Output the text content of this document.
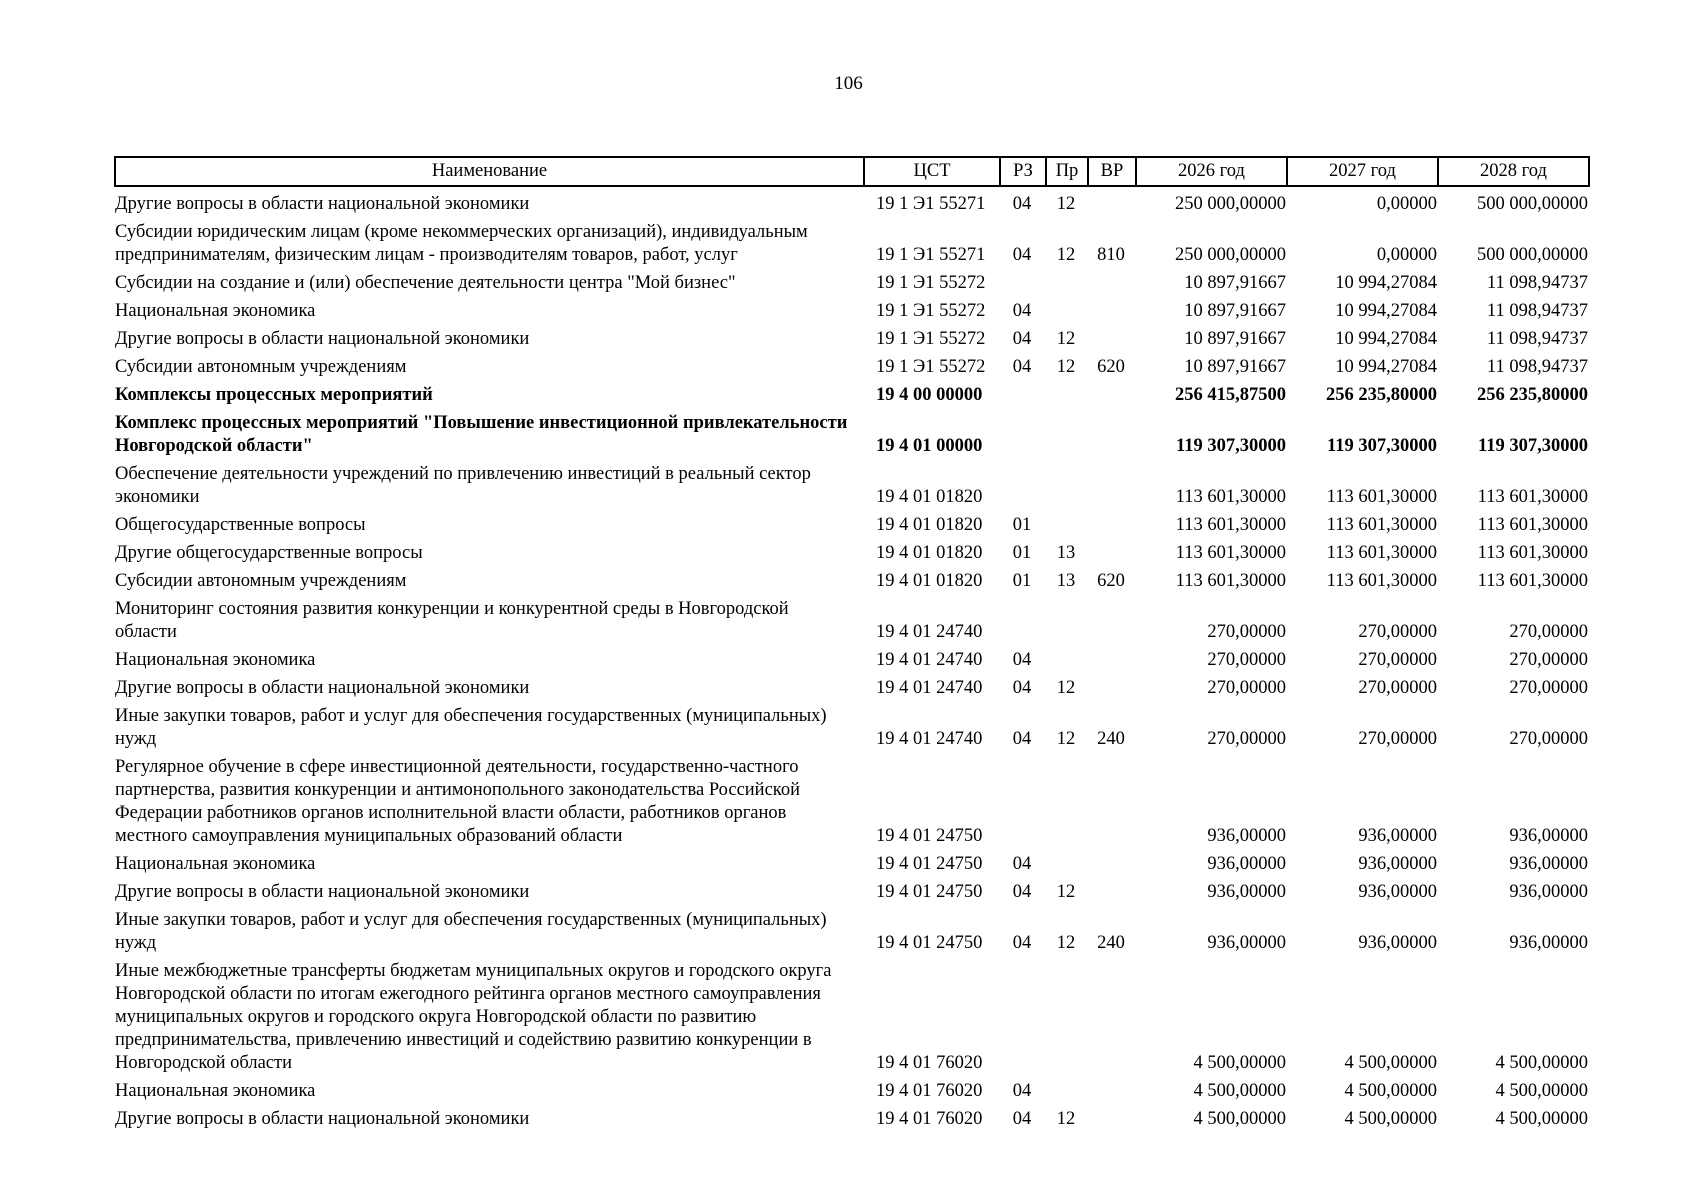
106
Наименование	ЦСТ	РЗ	Пр	ВР	2026 год	2027 год	2028 год
Другие вопросы в области национальной экономики	19 1 Э1 55271	04	12		250 000,00000	0,00000	500 000,00000
Субсидии юридическим лицам (кроме некоммерческих организаций), индивидуальным предпринимателям, физическим лицам - производителям товаров, работ, услуг	19 1 Э1 55271	04	12	810	250 000,00000	0,00000	500 000,00000
Субсидии на создание и (или) обеспечение деятельности центра "Мой бизнес"	19 1 Э1 55272				10 897,91667	10 994,27084	11 098,94737
Национальная экономика	19 1 Э1 55272	04			10 897,91667	10 994,27084	11 098,94737
Другие вопросы в области национальной экономики	19 1 Э1 55272	04	12		10 897,91667	10 994,27084	11 098,94737
Субсидии автономным учреждениям	19 1 Э1 55272	04	12	620	10 897,91667	10 994,27084	11 098,94737
Комплексы процессных мероприятий	19 4 00 00000				256 415,87500	256 235,80000	256 235,80000
Комплекс процессных мероприятий "Повышение инвестиционной привлекательности Новгородской области"	19 4 01 00000				119 307,30000	119 307,30000	119 307,30000
Обеспечение деятельности учреждений по привлечению инвестиций в реальный сектор экономики	19 4 01 01820				113 601,30000	113 601,30000	113 601,30000
Общегосударственные вопросы	19 4 01 01820	01			113 601,30000	113 601,30000	113 601,30000
Другие общегосударственные вопросы	19 4 01 01820	01	13		113 601,30000	113 601,30000	113 601,30000
Субсидии автономным учреждениям	19 4 01 01820	01	13	620	113 601,30000	113 601,30000	113 601,30000
Мониторинг состояния развития конкуренции и конкурентной среды в Новгородской области	19 4 01 24740				270,00000	270,00000	270,00000
Национальная экономика	19 4 01 24740	04			270,00000	270,00000	270,00000
Другие вопросы в области национальной экономики	19 4 01 24740	04	12		270,00000	270,00000	270,00000
Иные закупки товаров, работ и услуг для обеспечения государственных (муниципальных) нужд	19 4 01 24740	04	12	240	270,00000	270,00000	270,00000
Регулярное обучение в сфере инвестиционной деятельности, государственно-частного партнерства, развития конкуренции и антимонопольного законодательства Российской Федерации работников органов исполнительной власти области, работников органов местного самоуправления муниципальных образований области	19 4 01 24750				936,00000	936,00000	936,00000
Национальная экономика	19 4 01 24750	04			936,00000	936,00000	936,00000
Другие вопросы в области национальной экономики	19 4 01 24750	04	12		936,00000	936,00000	936,00000
Иные закупки товаров, работ и услуг для обеспечения государственных (муниципальных) нужд	19 4 01 24750	04	12	240	936,00000	936,00000	936,00000
Иные межбюджетные трансферты бюджетам муниципальных округов и городского округа Новгородской области по итогам ежегодного рейтинга органов местного самоуправления муниципальных округов и городского округа Новгородской области по развитию предпринимательства, привлечению инвестиций и содействию развитию конкуренции в Новгородской области	19 4 01 76020				4 500,00000	4 500,00000	4 500,00000
Национальная экономика	19 4 01 76020	04			4 500,00000	4 500,00000	4 500,00000
Другие вопросы в области национальной экономики	19 4 01 76020	04	12		4 500,00000	4 500,00000	4 500,00000
